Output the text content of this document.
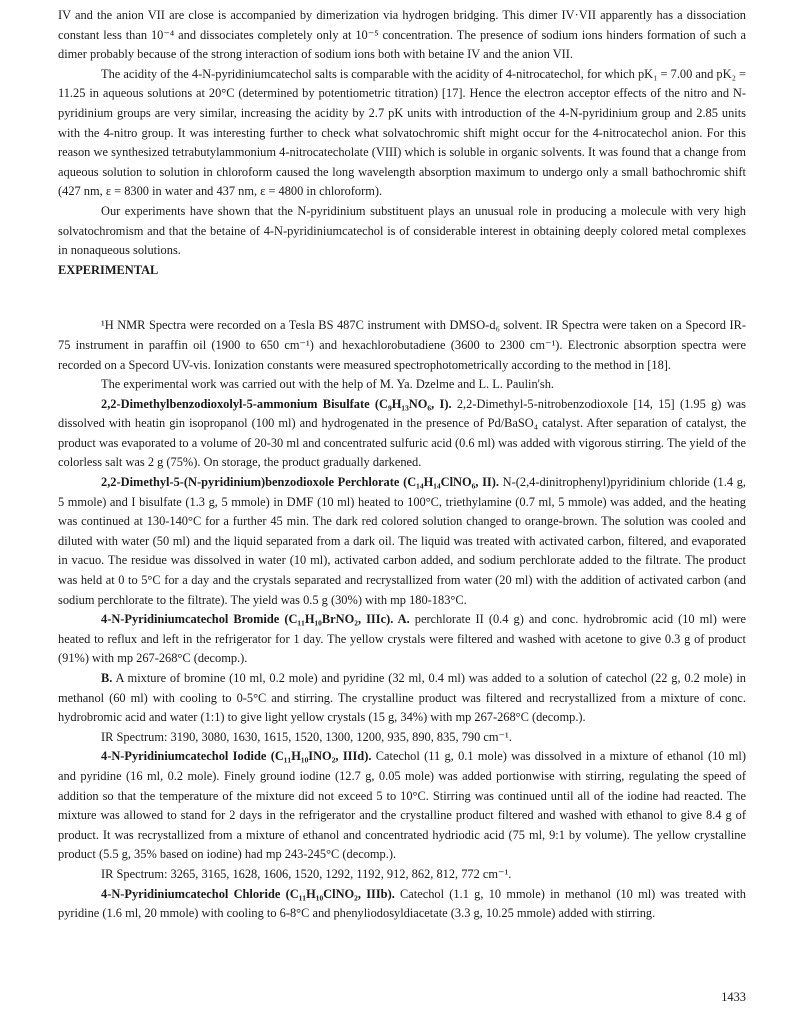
IV and the anion VII are close is accompanied by dimerization via hydrogen bridging. This dimer IV·VII apparently has a dissociation constant less than 10⁻⁴ and dissociates completely only at 10⁻⁵ concentration. The presence of sodium ions hinders formation of such a dimer probably because of the strong interaction of sodium ions both with betaine IV and the anion VII.

The acidity of the 4-N-pyridiniumcatechol salts is comparable with the acidity of 4-nitrocatechol, for which pK₁ = 7.00 and pK₂ = 11.25 in aqueous solutions at 20°C (determined by potentiometric titration) [17]. Hence the electron acceptor effects of the nitro and N-pyridinium groups are very similar, increasing the acidity by 2.7 pK units with introduction of the 4-N-pyridinium group and 2.85 units with the 4-nitro group. It was interesting further to check what solvatochromic shift might occur for the 4-nitrocatechol anion. For this reason we synthesized tetrabutylammonium 4-nitrocatecholate (VIII) which is soluble in organic solvents. It was found that a change from aqueous solution to solution in chloroform caused the long wavelength absorption maximum to undergo only a small bathochromic shift (427 nm, ε = 8300 in water and 437 nm, ε = 4800 in chloroform).

Our experiments have shown that the N-pyridinium substituent plays an unusual role in producing a molecule with very high solvatochromism and that the betaine of 4-N-pyridiniumcatechol is of considerable interest in obtaining deeply colored metal complexes in nonaqueous solutions.

EXPERIMENTAL

¹H NMR Spectra were recorded on a Tesla BS 487C instrument with DMSO-d₆ solvent. IR Spectra were taken on a Specord IR-75 instrument in paraffin oil (1900 to 650 cm⁻¹) and hexachlorobutadiene (3600 to 2300 cm⁻¹). Electronic absorption spectra were recorded on a Specord UV-vis. Ionization constants were measured spectrophotometrically according to the method in [18].

The experimental work was carried out with the help of M. Ya. Dzelme and L. L. Paulin'sh.

2,2-Dimethylbenzodioxolyl-5-ammonium Bisulfate (C₉H₁₃NO₆, I). 2,2-Dimethyl-5-nitrobenzodioxole [14, 15] (1.95 g) was dissolved with heatin gin isopropanol (100 ml) and hydrogenated in the presence of Pd/BaSO₄ catalyst. After separation of catalyst, the product was evaporated to a volume of 20-30 ml and concentrated sulfuric acid (0.6 ml) was added with vigorous stirring. The yield of the colorless salt was 2 g (75%). On storage, the product gradually darkened.

2,2-Dimethyl-5-(N-pyridinium)benzodioxole Perchlorate (C₁₄H₁₄ClNO₆, II). N-(2,4-dinitrophenyl)pyridinium chloride (1.4 g, 5 mmole) and I bisulfate (1.3 g, 5 mmole) in DMF (10 ml) heated to 100°C, triethylamine (0.7 ml, 5 mmole) was added, and the heating was continued at 130-140°C for a further 45 min. The dark red colored solution changed to orange-brown. The solution was cooled and diluted with water (50 ml) and the liquid separated from a dark oil. The liquid was treated with activated carbon, filtered, and evaporated in vacuo. The residue was dissolved in water (10 ml), activated carbon added, and sodium perchlorate added to the filtrate. The product was held at 0 to 5°C for a day and the crystals separated and recrystallized from water (20 ml) with the addition of activated carbon (and sodium perchlorate to the filtrate). The yield was 0.5 g (30%) with mp 180-183°C.

4-N-Pyridiniumcatechol Bromide (C₁₁H₁₀BrNO₂, IIIc). A. perchlorate II (0.4 g) and conc. hydrobromic acid (10 ml) were heated to reflux and left in the refrigerator for 1 day. The yellow crystals were filtered and washed with acetone to give 0.3 g of product (91%) with mp 267-268°C (decomp.).

B. A mixture of bromine (10 ml, 0.2 mole) and pyridine (32 ml, 0.4 ml) was added to a solution of catechol (22 g, 0.2 mole) in methanol (60 ml) with cooling to 0-5°C and stirring. The crystalline product was filtered and recrystallized from a mixture of conc. hydrobromic acid and water (1:1) to give light yellow crystals (15 g, 34%) with mp 267-268°C (decomp.).

IR Spectrum: 3190, 3080, 1630, 1615, 1520, 1300, 1200, 935, 890, 835, 790 cm⁻¹.

4-N-Pyridiniumcatechol Iodide (C₁₁H₁₀INO₂, IIId). Catechol (11 g, 0.1 mole) was dissolved in a mixture of ethanol (10 ml) and pyridine (16 ml, 0.2 mole). Finely ground iodine (12.7 g, 0.05 mole) was added portionwise with stirring, regulating the speed of addition so that the temperature of the mixture did not exceed 5 to 10°C. Stirring was continued until all of the iodine had reacted. The mixture was allowed to stand for 2 days in the refrigerator and the crystalline product filtered and washed with ethanol to give 8.4 g of product. It was recrystallized from a mixture of ethanol and concentrated hydriodic acid (75 ml, 9:1 by volume). The yellow crystalline product (5.5 g, 35% based on iodine) had mp 243-245°C (decomp.).

IR Spectrum: 3265, 3165, 1628, 1606, 1520, 1292, 1192, 912, 862, 812, 772 cm⁻¹.

4-N-Pyridiniumcatechol Chloride (C₁₁H₁₀ClNO₂, IIIb). Catechol (1.1 g, 10 mmole) in methanol (10 ml) was treated with pyridine (1.6 ml, 20 mmole) with cooling to 6-8°C and phenyliodosyldiacetate (3.3 g, 10.25 mmole) added with stirring.

1433
